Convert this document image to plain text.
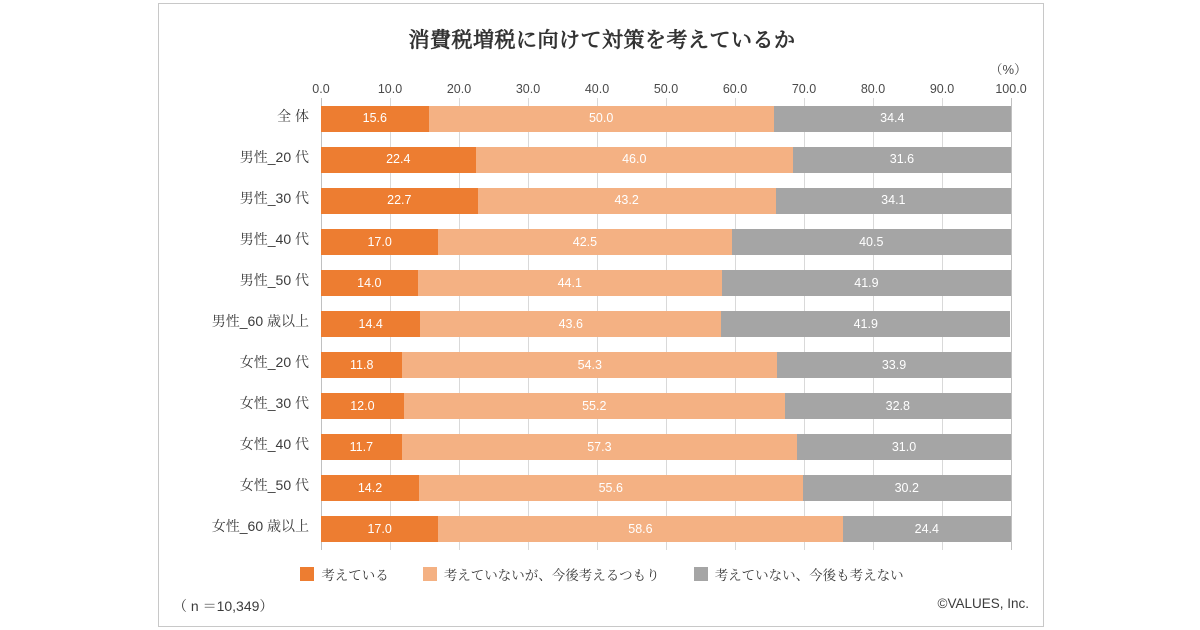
消費税増税に向けて対策を考えているか
（%）
0.0	10.0	20.0	30.0	40.0	50.0	60.0	70.0	80.0	90.0	100.0
全 体	15.6	50.0	34.4
男性_20 代	22.4	46.0	31.6
男性_30 代	22.7	43.2	34.1
男性_40 代	17.0	42.5	40.5
男性_50 代	14.0	44.1	41.9
男性_60 歳以上	14.4	43.6	41.9
女性_20 代	11.8	54.3	33.9
女性_30 代	12.0	55.2	32.8
女性_40 代	11.7	57.3	31.0
女性_50 代	14.2	55.6	30.2
女性_60 歳以上	17.0	58.6	24.4
考えている	考えていないが、今後考えるつもり	考えていない、今後も考えない
（ n ＝10,349）	©VALUES, Inc.
